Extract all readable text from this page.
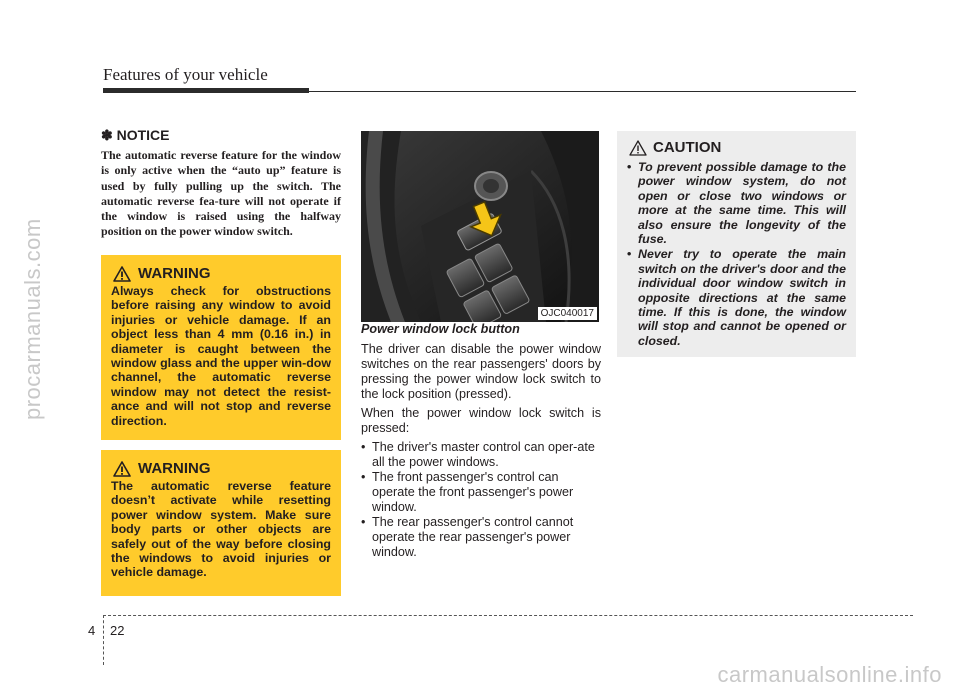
Features of your vehicle
procarmanuals.com
✽ NOTICE
The automatic reverse feature for the window is only active when the “auto up” feature is used by fully pulling up the switch. The automatic reverse fea-ture will not operate if the window is raised using the halfway position on the power window switch.
WARNING
Always check for obstructions before raising any window to avoid injuries or vehicle damage. If an object less than 4 mm (0.16 in.) in diameter is caught between the window glass and the upper win-dow channel, the automatic reverse window may not detect the resist-ance and will not stop and reverse direction.
WARNING
The automatic reverse feature doesn’t activate while resetting power window system. Make sure body parts or other objects are safely out of the way before closing the windows to avoid injuries or vehicle damage.
OJC040017
Power window lock button
The driver can disable the power window switches on the rear passengers' doors by pressing the power window lock switch to the lock position (pressed).
When the power window lock switch is pressed:
• The driver's master control can oper-ate all the power windows.
• The front passenger's control can operate the front passenger's power window.
• The rear passenger's control cannot operate the rear passenger's power window.
CAUTION
• To prevent possible damage to the power window system, do not open or close two windows or more at the same time. This will also ensure the longevity of the fuse.
• Never try to operate the main switch on the driver's door and the individual door window switch in opposite directions at the same time. If this is done, the window will stop and cannot be opened or closed.
4 22
carmanualsonline.info
